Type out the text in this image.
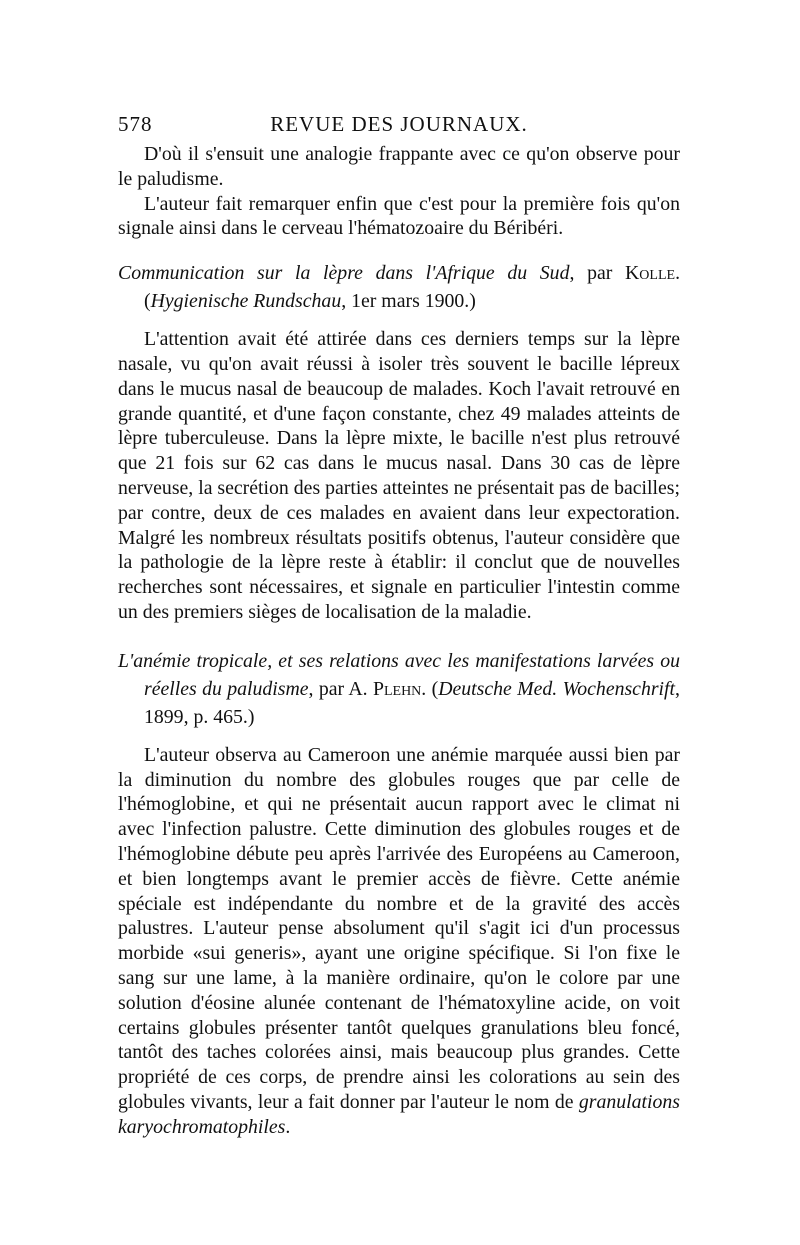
578	REVUE DES JOURNAUX.

D'où il s'ensuit une analogie frappante avec ce qu'on observe pour le paludisme.

L'auteur fait remarquer enfin que c'est pour la première fois qu'on signale ainsi dans le cerveau l'hématozoaire du Béribéri.

Communication sur la lèpre dans l'Afrique du Sud, par Kolle. (Hygienische Rundschau, 1er mars 1900.)

L'attention avait été attirée dans ces derniers temps sur la lèpre nasale, vu qu'on avait réussi à isoler très souvent le bacille lépreux dans le mucus nasal de beaucoup de malades. Koch l'avait retrouvé en grande quantité, et d'une façon constante, chez 49 malades atteints de lèpre tuberculeuse. Dans la lèpre mixte, le bacille n'est plus retrouvé que 21 fois sur 62 cas dans le mucus nasal. Dans 30 cas de lèpre nerveuse, la secrétion des parties atteintes ne présentait pas de bacilles; par contre, deux de ces malades en avaient dans leur expectoration. Malgré les nombreux résultats positifs obtenus, l'auteur considère que la pathologie de la lèpre reste à établir: il conclut que de nouvelles recherches sont nécessaires, et signale en particulier l'intestin comme un des premiers sièges de localisation de la maladie.

L'anémie tropicale, et ses relations avec les manifestations larvées ou réelles du paludisme, par A. Plehn. (Deutsche Med. Wochenschrift, 1899, p. 465.)

L'auteur observa au Cameroon une anémie marquée aussi bien par la diminution du nombre des globules rouges que par celle de l'hémoglobine, et qui ne présentait aucun rapport avec le climat ni avec l'infection palustre. Cette diminution des globules rouges et de l'hémoglobine débute peu après l'arrivée des Européens au Cameroon, et bien longtemps avant le premier accès de fièvre. Cette anémie spéciale est indépendante du nombre et de la gravité des accès palustres. L'auteur pense absolument qu'il s'agit ici d'un processus morbide «sui generis», ayant une origine spécifique. Si l'on fixe le sang sur une lame, à la manière ordinaire, qu'on le colore par une solution d'éosine alunée contenant de l'hématoxyline acide, on voit certains globules présenter tantôt quelques granulations bleu foncé, tantôt des taches colorées ainsi, mais beaucoup plus grandes. Cette propriété de ces corps, de prendre ainsi les colorations au sein des globules vivants, leur a fait donner par l'auteur le nom de granulations karyochromatophiles.
